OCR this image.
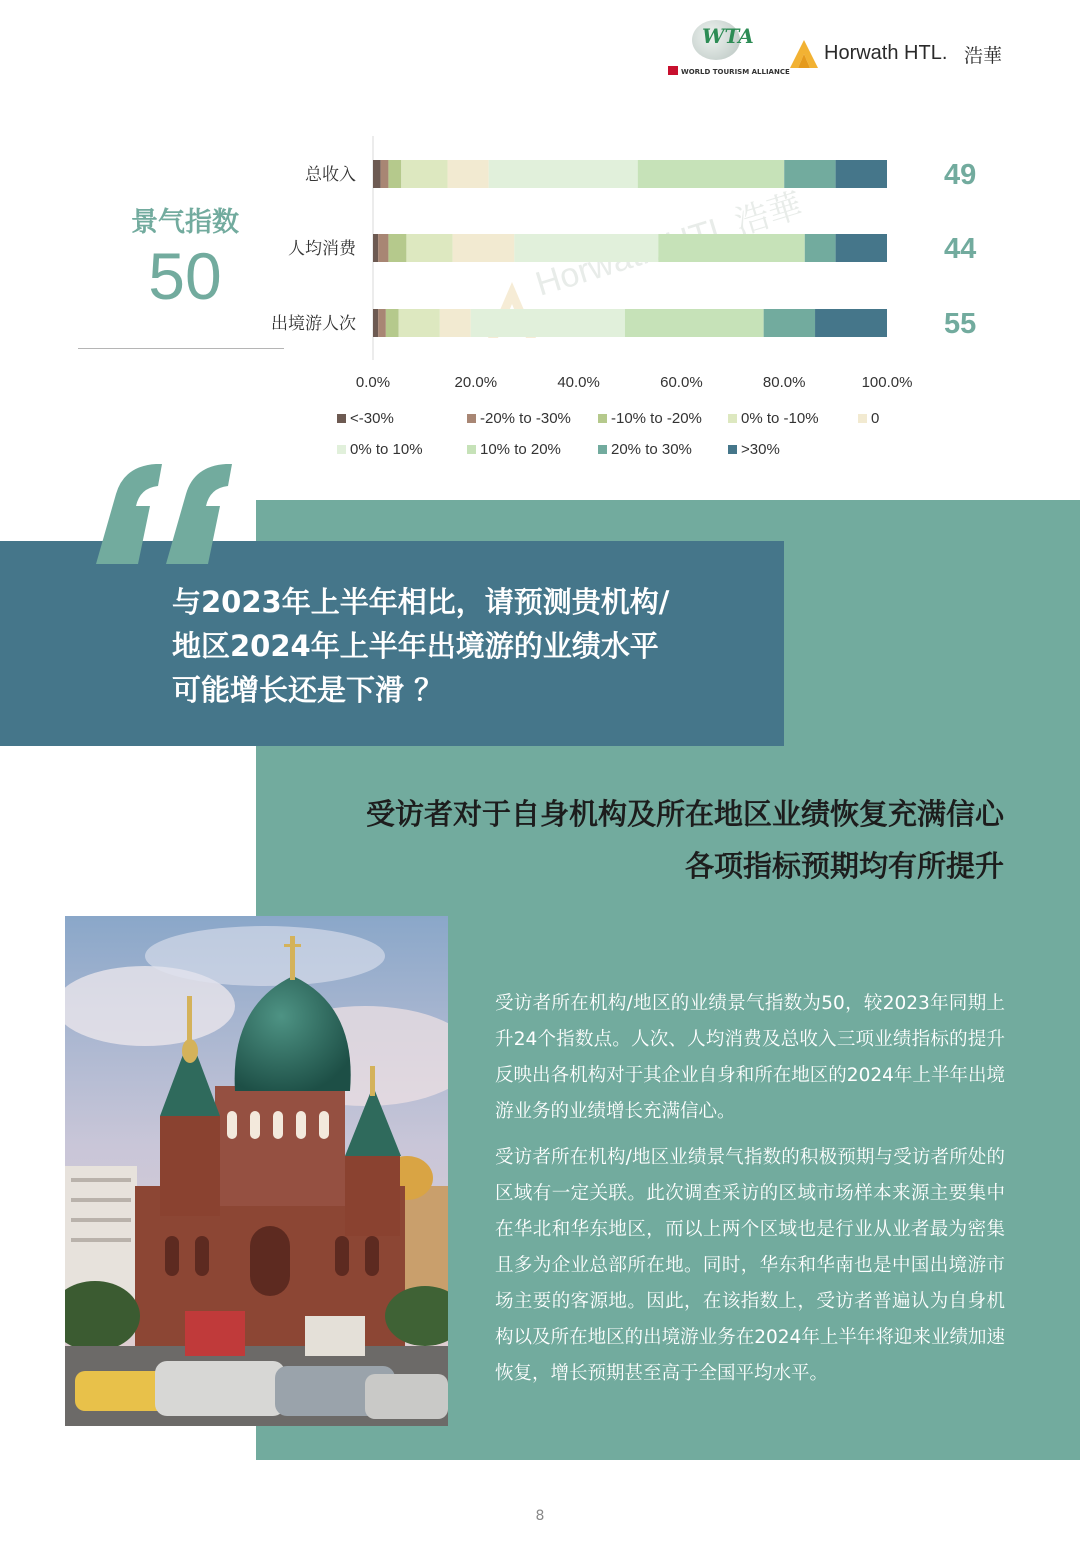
WTA
WORLD TOURISM ALLIANCE
Horwath HTL. 浩華
景气指数
50	Horwath 浩華
总收入	49
人均消费	44
出境游人次	55
0.0%	20.0%	40.0%	60.0%	80.0%	100.0%
<-30%	-20% to -30%	-10% to -20%	0% to -10%	0
0% to 10%	10% to 20%	20% to 30%	>30%
与2023年上半年相比，请预测贵机构/
地区2024年上半年出境游的业绩水平
可能增长还是下滑 ？
受访者对于自身机构及所在地区业绩恢复充满信心
各项指标预期均有所提升

受访者所在机构/地区的业绩景气指数为50，较2023年同期上升24个指数点。人次、人均消费及总收入三项业绩指标的提升反映出各机构对于其企业自身和所在地区的2024年上半年出境游业务的业绩增长充满信心。

受访者所在机构/地区业绩景气指数的积极预期与受访者所处的区域有一定关联。此次调查采访的区域市场样本来源主要集中在华北和华东地区，而以上两个区域也是行业从业者最为密集且多为企业总部所在地。同时，华东和华南也是中国出境游市场主要的客源地。因此，在该指数上，受访者普遍认为自身机构以及所在地区的出境游业务在2024年上半年将迎来业绩加速恢复，增长预期甚至高于全国平均水平。

8
